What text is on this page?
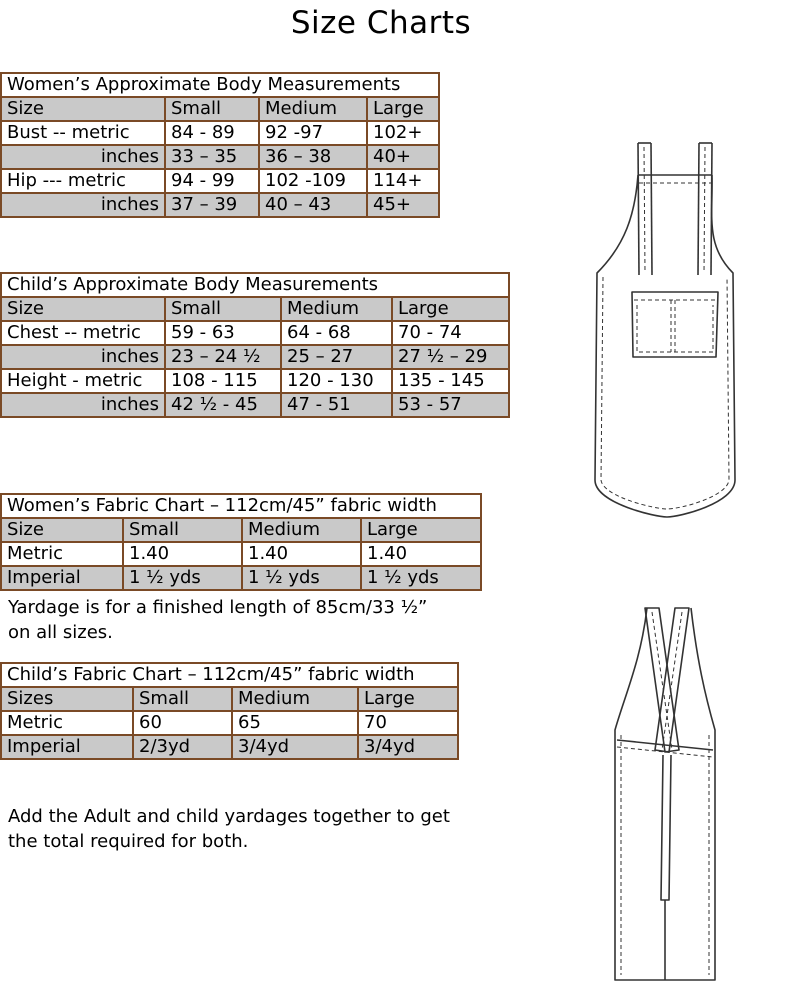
Size Charts
Women’s Approximate Body Measurements			
Size	Small	Medium	Large
Bust -- metric	84 - 89	92 -97	102+
inches	33 – 35	36 – 38	40+
Hip --- metric	94 - 99	102 -109	114+
inches	37 – 39	40 – 43	45+
Child’s Approximate Body Measurements			
Size	Small	Medium	Large
Chest -- metric	59 - 63	64 - 68	70 - 74
inches	23 – 24 ½	25 – 27	27 ½ – 29
Height - metric	108 - 115	120 - 130	135 - 145
inches	42 ½ - 45	47 - 51	53 - 57
Women’s Fabric Chart – 112cm/45” fabric width			
Size	Small	Medium	Large
Metric	1.40	1.40	1.40
Imperial	1 ½ yds	1 ½ yds	1 ½ yds
Yardage is for a finished length of 85cm/33 ½”
on all sizes.
Child’s Fabric Chart – 112cm/45” fabric width			
Sizes	Small	Medium	Large
Metric	60	65	70
Imperial	2/3yd	3/4yd	3/4yd
Add the Adult and child yardages together to get
the total required for both.
